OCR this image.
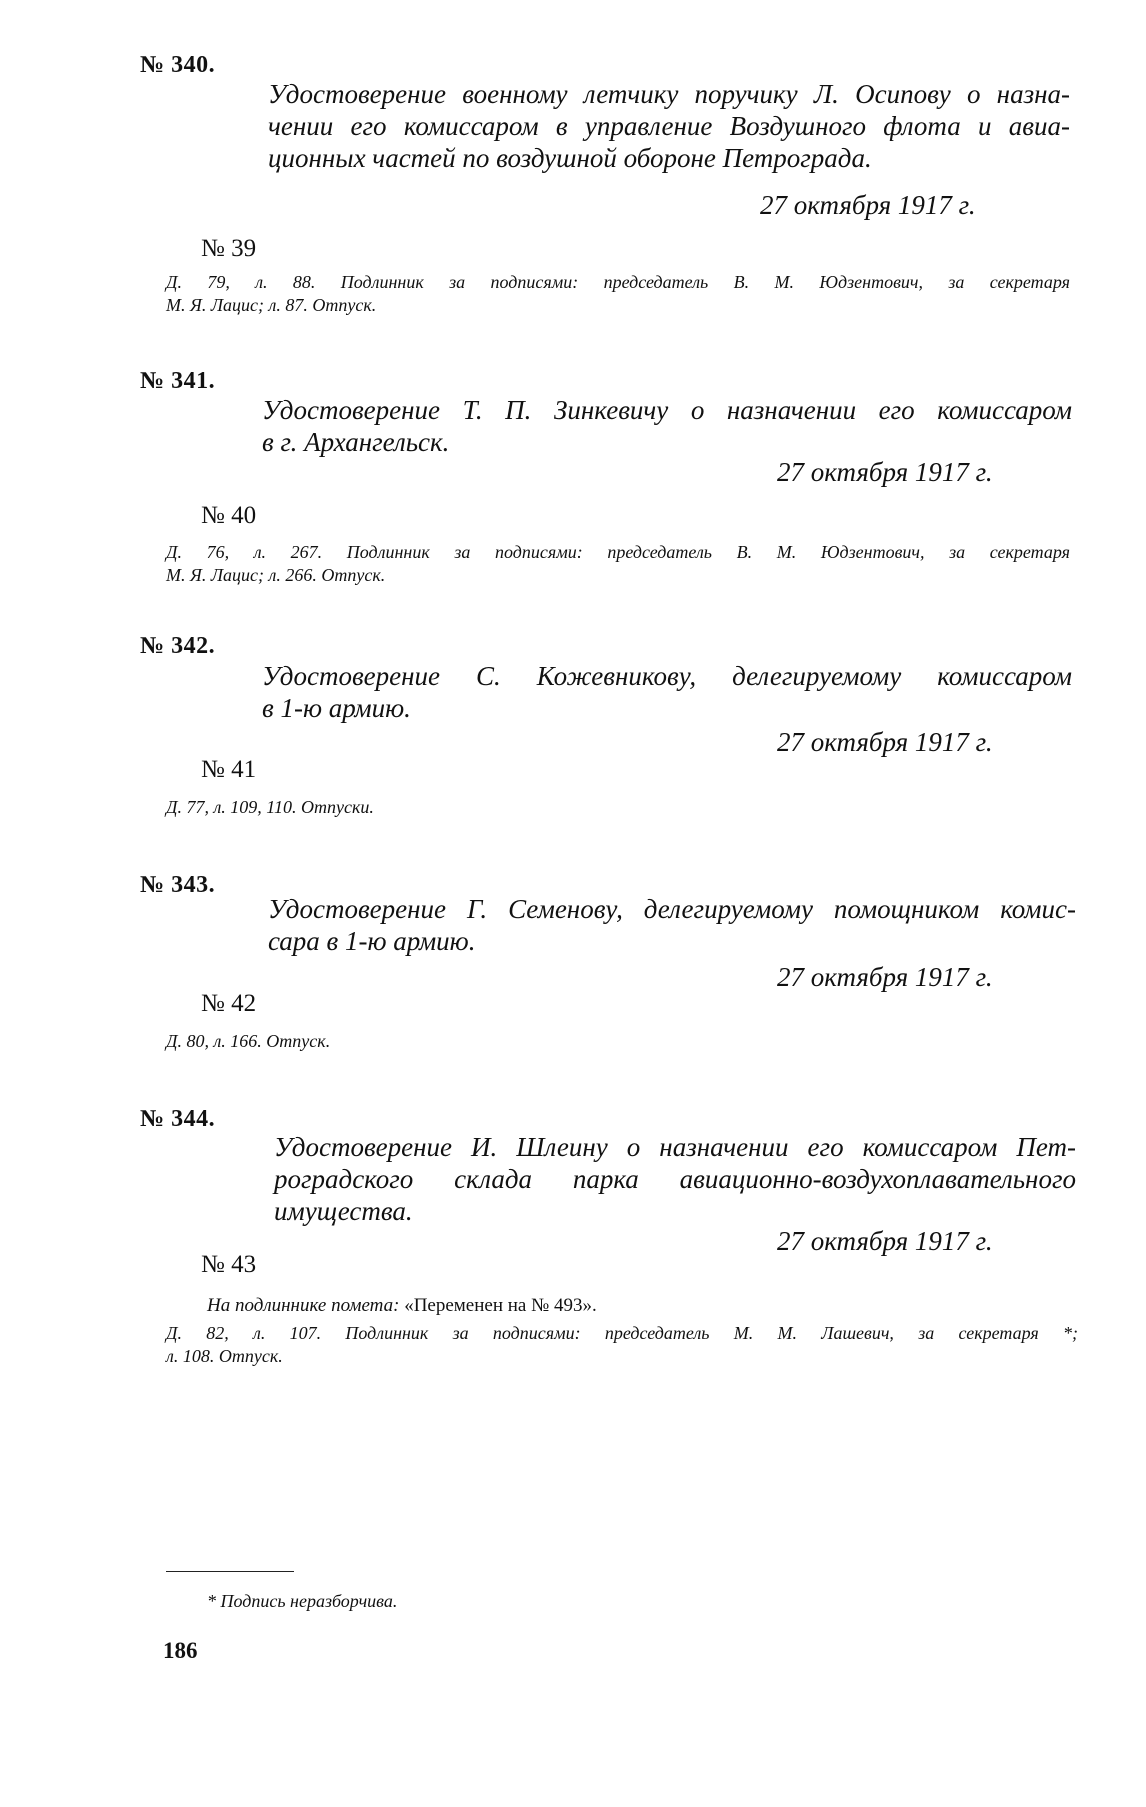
№ 340.
Удостоверение военному летчику поручику Л. Осипову о назна-
чении его комиссаром в управление Воздушного флота и авиа-
ционных частей по воздушной обороне Петрограда.
27 октября 1917 г.
№ 39
Д. 79, л. 88. Подлинник за подписями: председатель В. М. Юдзентович, за секретаря
М. Я. Лацис; л. 87. Отпуск.
№ 341.
Удостоверение Т. П. Зинкевичу о назначении его комиссаром
в г. Архангельск.
27 октября 1917 г.
№ 40
Д. 76, л. 267. Подлинник за подписями: председатель В. М. Юдзентович, за секретаря
М. Я. Лацис; л. 266. Отпуск.
№ 342.
Удостоверение С. Кожевникову, делегируемому комиссаром
в 1-ю армию.
27 октября 1917 г.
№ 41
Д. 77, л. 109, 110. Отпуски.
№ 343.
Удостоверение Г. Семенову, делегируемому помощником комис-
сара в 1-ю армию.
27 октября 1917 г.
№ 42
Д. 80, л. 166. Отпуск.
№ 344.
Удостоверение И. Шлеину о назначении его комиссаром Пет-
роградского склада парка авиационно-воздухоплавательного
имущества.
27 октября 1917 г.
№ 43
На подлиннике помета: «Переменен на № 493».
Д. 82, л. 107. Подлинник за подписями: председатель М. М. Лашевич, за секретаря *;
л. 108. Отпуск.
* Подпись неразборчива.
186
